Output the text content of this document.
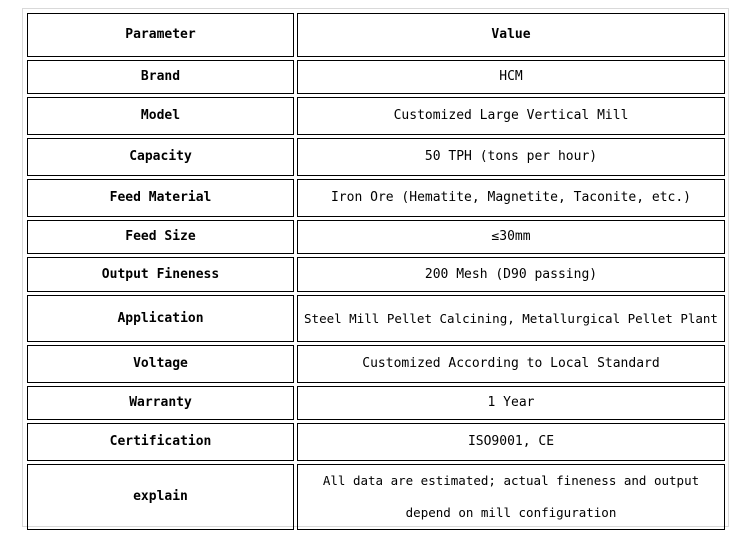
Parameter	Value
Brand	HCM
Model	Customized Large Vertical Mill
Capacity	50 TPH (tons per hour)
Feed Material	Iron Ore (Hematite, Magnetite, Taconite, etc.)
Feed Size	≤30mm
Output Fineness	200 Mesh (D90 passing)
Application	Steel Mill Pellet Calcining, Metallurgical Pellet Plant
Voltage	Customized According to Local Standard
Warranty	1 Year
Certification	ISO9001, CE
explain	All data are estimated; actual fineness and output depend on mill configuration
